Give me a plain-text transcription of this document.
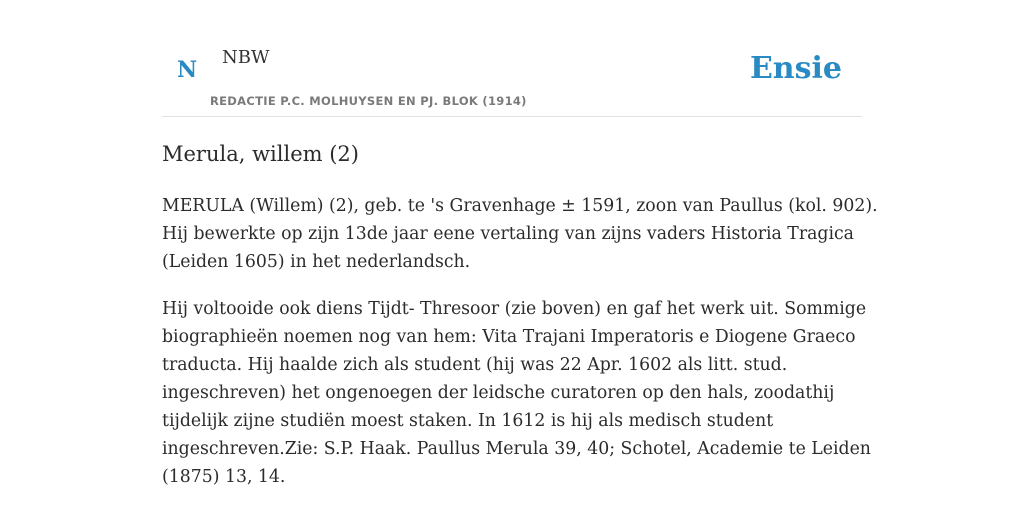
N NBW
REDACTIE P.C. MOLHUYSEN EN PJ. BLOK (1914)
Ensie
Merula, willem (2)

MERULA (Willem) (2), geb. te 's Gravenhage ± 1591, zoon van Paullus (kol. 902).
Hij bewerkte op zijn 13de jaar eene vertaling van zijns vaders Historia Tragica
(Leiden 1605) in het nederlandsch.

Hij voltooide ook diens Tijdt- Thresoor (zie boven) en gaf het werk uit. Sommige
biographieën noemen nog van hem: Vita Trajani Imperatoris e Diogene Graeco
traducta. Hij haalde zich als student (hij was 22 Apr. 1602 als litt. stud.
ingeschreven) het ongenoegen der leidsche curatoren op den hals, zoodathij
tijdelijk zijne studiën moest staken. In 1612 is hij als medisch student
ingeschreven.Zie: S.P. Haak. Paullus Merula 39, 40; Schotel, Academie te Leiden
(1875) 13, 14.
